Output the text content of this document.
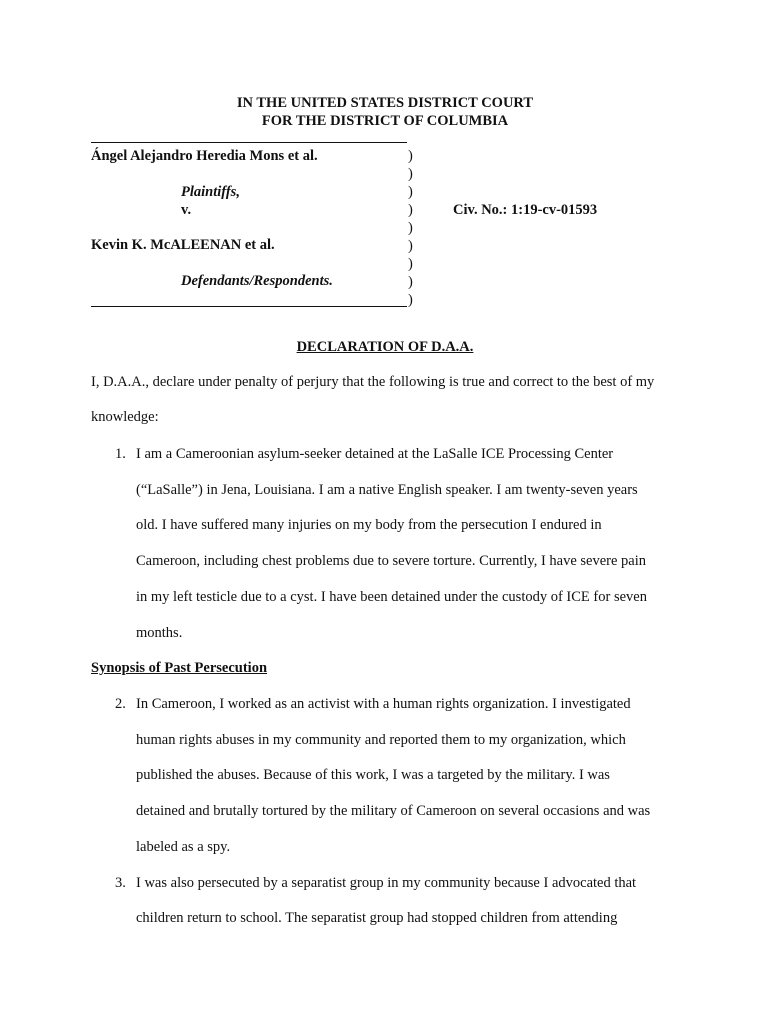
IN THE UNITED STATES DISTRICT COURT
FOR THE DISTRICT OF COLUMBIA
Ángel Alejandro Heredia Mons et al.
Plaintiffs,
v.
Kevin K. McALEENAN et al.
Defendants/Respondents.
)
)
)
)
)
)
)
)
)
Civ. No.: 1:19-cv-01593
DECLARATION OF D.A.A.
I, D.A.A., declare under penalty of perjury that the following is true and correct to the best of my
knowledge:
1. I am a Cameroonian asylum-seeker detained at the LaSalle ICE Processing Center
(“LaSalle”) in Jena, Louisiana. I am a native English speaker. I am twenty-seven years
old. I have suffered many injuries on my body from the persecution I endured in
Cameroon, including chest problems due to severe torture. Currently, I have severe pain
in my left testicle due to a cyst. I have been detained under the custody of ICE for seven
months.
Synopsis of Past Persecution
2. In Cameroon, I worked as an activist with a human rights organization. I investigated
human rights abuses in my community and reported them to my organization, which
published the abuses. Because of this work, I was a targeted by the military. I was
detained and brutally tortured by the military of Cameroon on several occasions and was
labeled as a spy.
3. I was also persecuted by a separatist group in my community because I advocated that
children return to school. The separatist group had stopped children from attending
